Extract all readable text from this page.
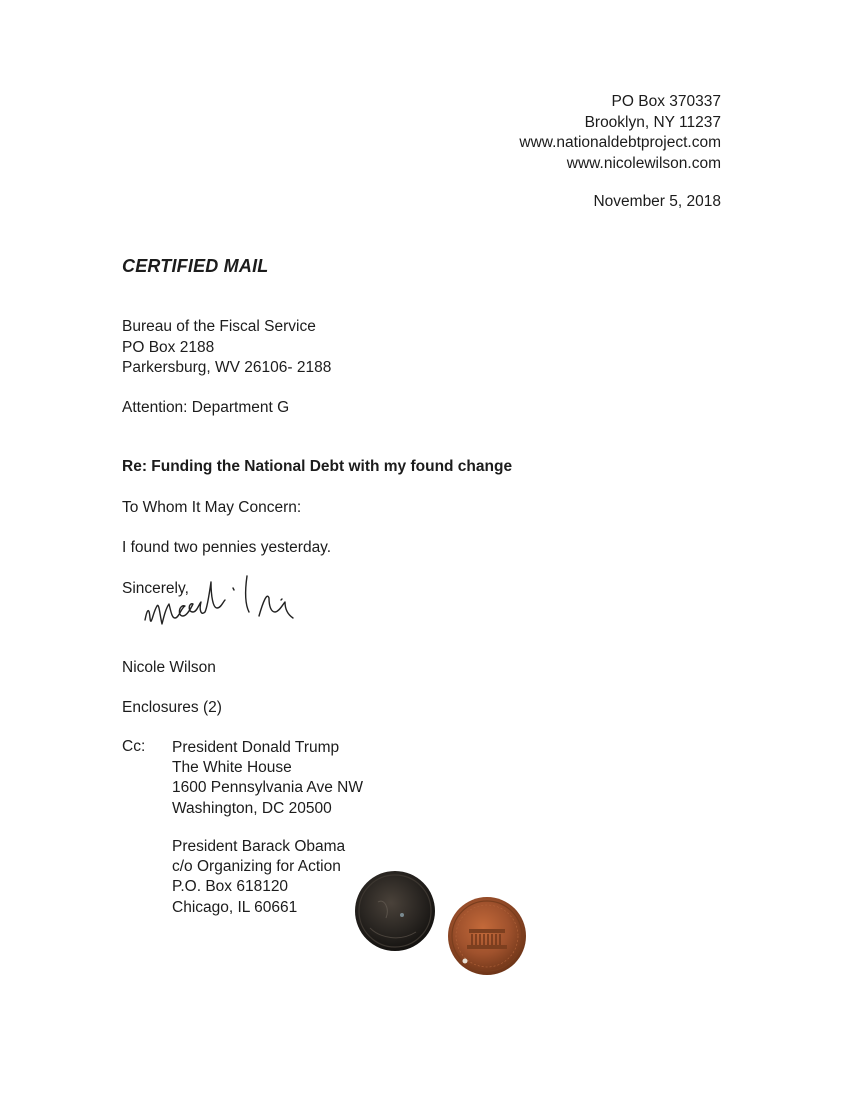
PO Box 370337
Brooklyn, NY 11237
www.nationaldebtproject.com
www.nicolewilson.com
November 5, 2018
CERTIFIED MAIL
Bureau of the Fiscal Service
PO Box 2188
Parkersburg, WV 26106- 2188
Attention: Department G
Re: Funding the National Debt with my found change
To Whom It May Concern:
I found two pennies yesterday.
Sincerely,
Nicole Wilson
Enclosures (2)
Cc: President Donald Trump
The White House
1600 Pennsylvania Ave NW
Washington, DC 20500
President Barack Obama
c/o Organizing for Action
P.O. Box 618120
Chicago, IL 60661
